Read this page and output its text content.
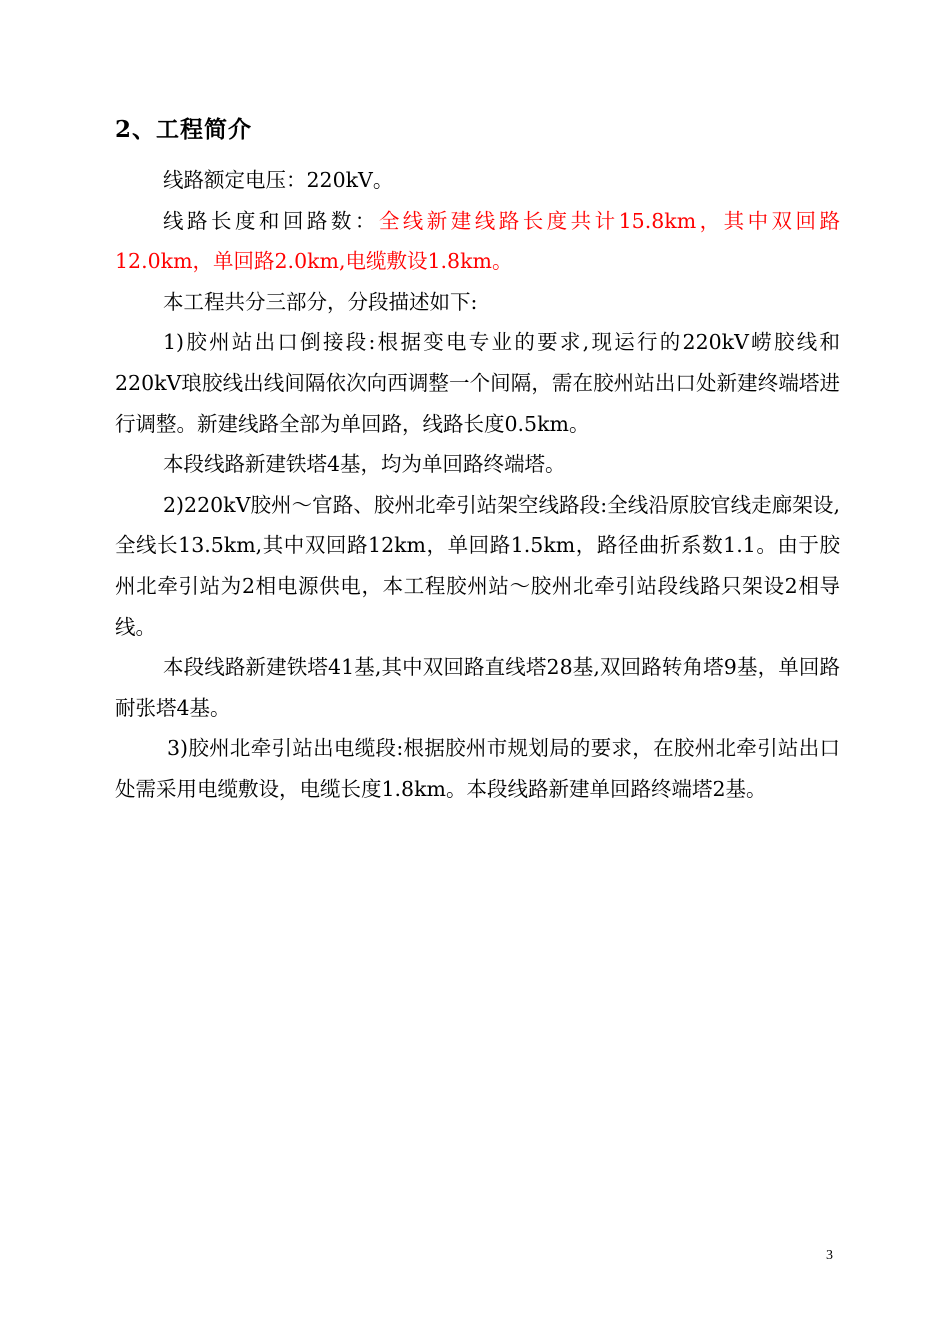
2、工程简介

线路额定电压：220kV。

线路长度和回路数：全线新建线路长度共计15.8km，其中双回路12.0km，单回路2.0km,电缆敷设1.8km。

本工程共分三部分，分段描述如下:

1)胶州站出口倒接段:根据变电专业的要求,现运行的220kV崂胶线和220kV琅胶线出线间隔依次向西调整一个间隔，需在胶州站出口处新建终端塔进行调整。新建线路全部为单回路，线路长度0.5km。

本段线路新建铁塔4基，均为单回路终端塔。

2)220kV胶州～官路、胶州北牵引站架空线路段:全线沿原胶官线走廊架设,全线长13.5km,其中双回路12km，单回路1.5km，路径曲折系数1.1。由于胶州北牵引站为2相电源供电，本工程胶州站～胶州北牵引站段线路只架设2相导线。

本段线路新建铁塔41基,其中双回路直线塔28基,双回路转角塔9基，单回路耐张塔4基。

3)胶州北牵引站出电缆段:根据胶州市规划局的要求，在胶州北牵引站出口处需采用电缆敷设，电缆长度1.8km。本段线路新建单回路终端塔2基。

3
